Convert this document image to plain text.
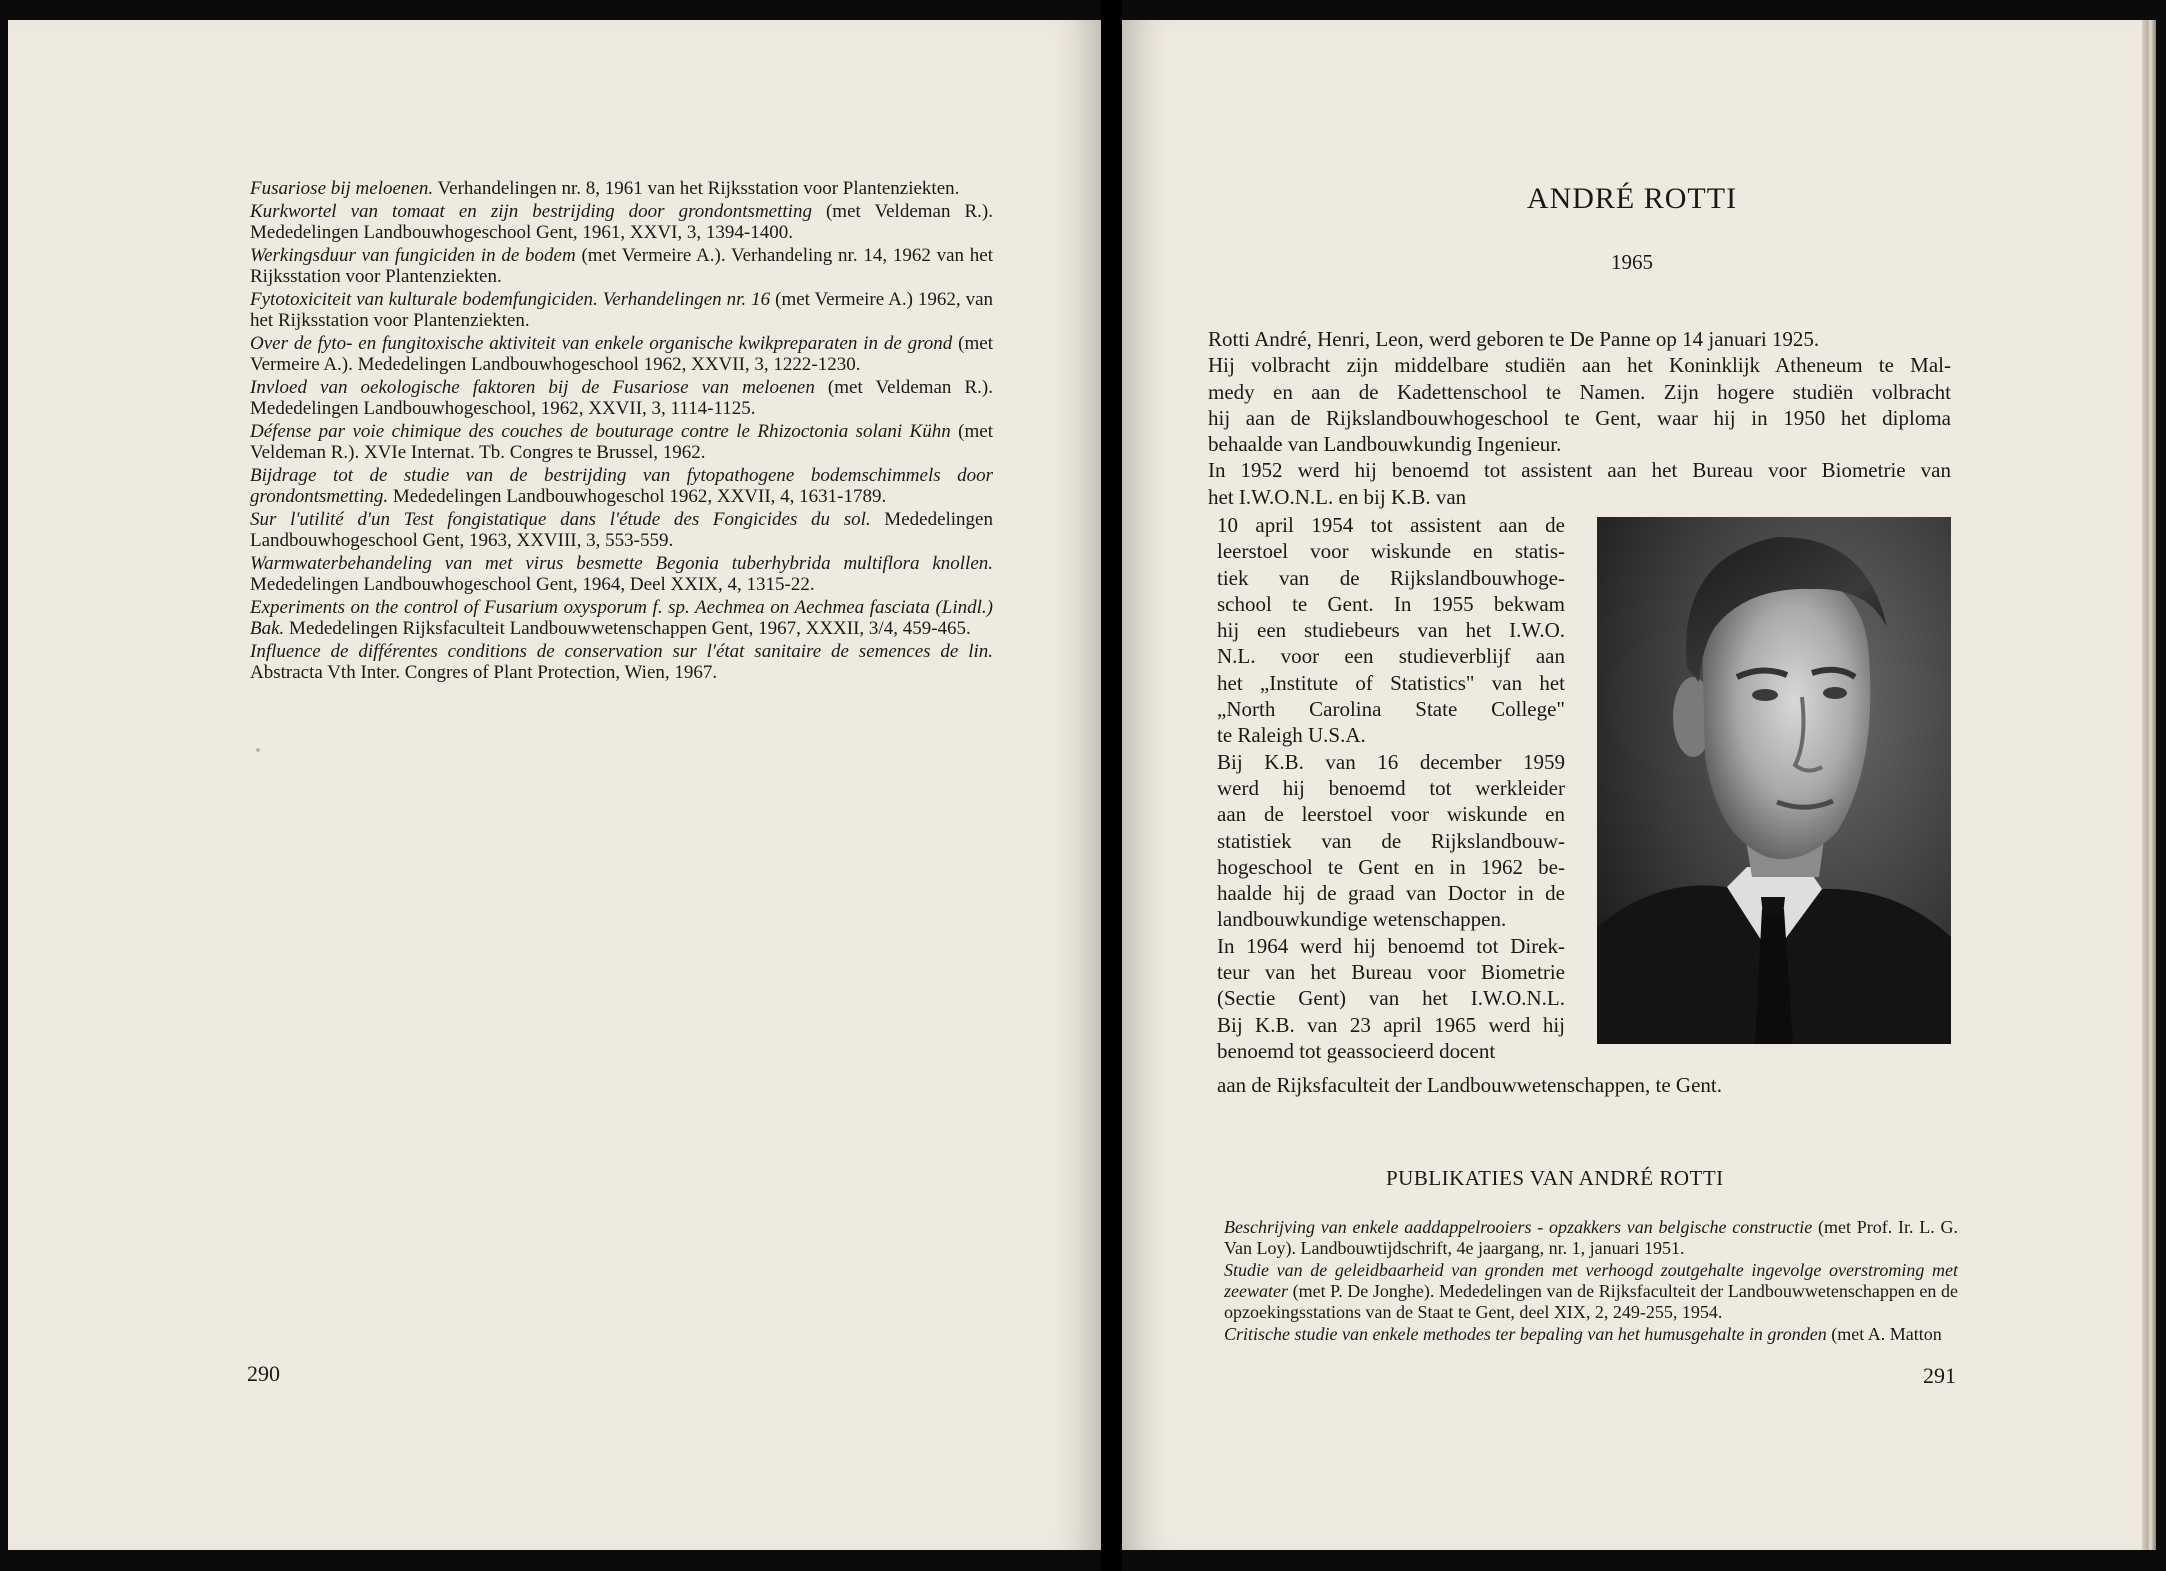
Fusariose bij meloenen. Verhandelingen nr. 8, 1961 van het Rijksstation voor Plantenziekten.
Kurkwortel van tomaat en zijn bestrijding door grondontsmetting (met Veldeman R.). Mededelingen Landbouwhogeschool Gent, 1961, XXVI, 3, 1394-1400.
Werkingsduur van fungiciden in de bodem (met Vermeire A.). Verhandeling nr. 14, 1962 van het Rijksstation voor Plantenziekten.
Fytotoxiciteit van kulturale bodemfungiciden. Verhandelingen nr. 16 (met Vermeire A.) 1962, van het Rijksstation voor Plantenziekten.
Over de fyto- en fungitoxische aktiviteit van enkele organische kwikpreparaten in de grond (met Vermeire A.). Mededelingen Landbouwhogeschool 1962, XXVII, 3, 1222-1230.
Invloed van oekologische faktoren bij de Fusariose van meloenen (met Veldeman R.). Mededelingen Landbouwhogeschool, 1962, XXVII, 3, 1114-1125.
Défense par voie chimique des couches de bouturage contre le Rhizoctonia solani Kühn (met Veldeman R.). XVIe Internat. Tb. Congres te Brussel, 1962.
Bijdrage tot de studie van de bestrijding van fytopathogene bodemschimmels door grondontsmetting. Mededelingen Landbouwhogeschol 1962, XXVII, 4, 1631-1789.
Sur l'utilité d'un Test fongistatique dans l'étude des Fongicides du sol. Mededelingen Landbouwhogeschool Gent, 1963, XXVIII, 3, 553-559.
Warmwaterbehandeling van met virus besmette Begonia tuberhybrida multiflora knollen. Mededelingen Landbouwhogeschool Gent, 1964, Deel XXIX, 4, 1315-22.
Experiments on the control of Fusarium oxysporum f. sp. Aechmea on Aechmea fasciata (Lindl.) Bak. Mededelingen Rijksfaculteit Landbouwwetenschappen Gent, 1967, XXXII, 3/4, 459-465.
Influence de différentes conditions de conservation sur l'état sanitaire de semences de lin. Abstracta Vth Inter. Congres of Plant Protection, Wien, 1967.
290
ANDRÉ ROTTI
1965
Rotti André, Henri, Leon, werd geboren te De Panne op 14 januari 1925.
Hij volbracht zijn middelbare studiën aan het Koninklijk Atheneum te Mal-
medy en aan de Kadettenschool te Namen. Zijn hogere studiën volbracht
hij aan de Rijkslandbouwhogeschool te Gent, waar hij in 1950 het diploma
behaalde van Landbouwkundig Ingenieur.
In 1952 werd hij benoemd tot assistent aan het Bureau voor Biometrie van
het I.W.O.N.L. en bij K.B. van
10 april 1954 tot assistent aan de
leerstoel voor wiskunde en statis-
tiek van de Rijkslandbouwhoge-
school te Gent. In 1955 bekwam
hij een studiebeurs van het I.W.O.
N.L. voor een studieverblijf aan
het „Institute of Statistics" van het
„North Carolina State College"
te Raleigh U.S.A.
Bij K.B. van 16 december 1959
werd hij benoemd tot werkleider
aan de leerstoel voor wiskunde en
statistiek van de Rijkslandbouw-
hogeschool te Gent en in 1962 be-
haalde hij de graad van Doctor in de
landbouwkundige wetenschappen.
In 1964 werd hij benoemd tot Direk-
teur van het Bureau voor Biometrie
(Sectie Gent) van het I.W.O.N.L.
Bij K.B. van 23 april 1965 werd hij
benoemd tot geassocieerd docent
aan de Rijksfaculteit der Landbouwwetenschappen, te Gent.
PUBLIKATIES VAN ANDRÉ ROTTI
Beschrijving van enkele aaddappelrooiers - opzakkers van belgische constructie (met Prof. Ir. L. G. Van Loy). Landbouwtijdschrift, 4e jaargang, nr. 1, januari 1951.
Studie van de geleidbaarheid van gronden met verhoogd zoutgehalte ingevolge overstroming met zeewater (met P. De Jonghe). Mededelingen van de Rijksfaculteit der Landbouwwetenschappen en de opzoekingsstations van de Staat te Gent, deel XIX, 2, 249-255, 1954.
Critische studie van enkele methodes ter bepaling van het humusgehalte in gronden (met A. Matton
291
